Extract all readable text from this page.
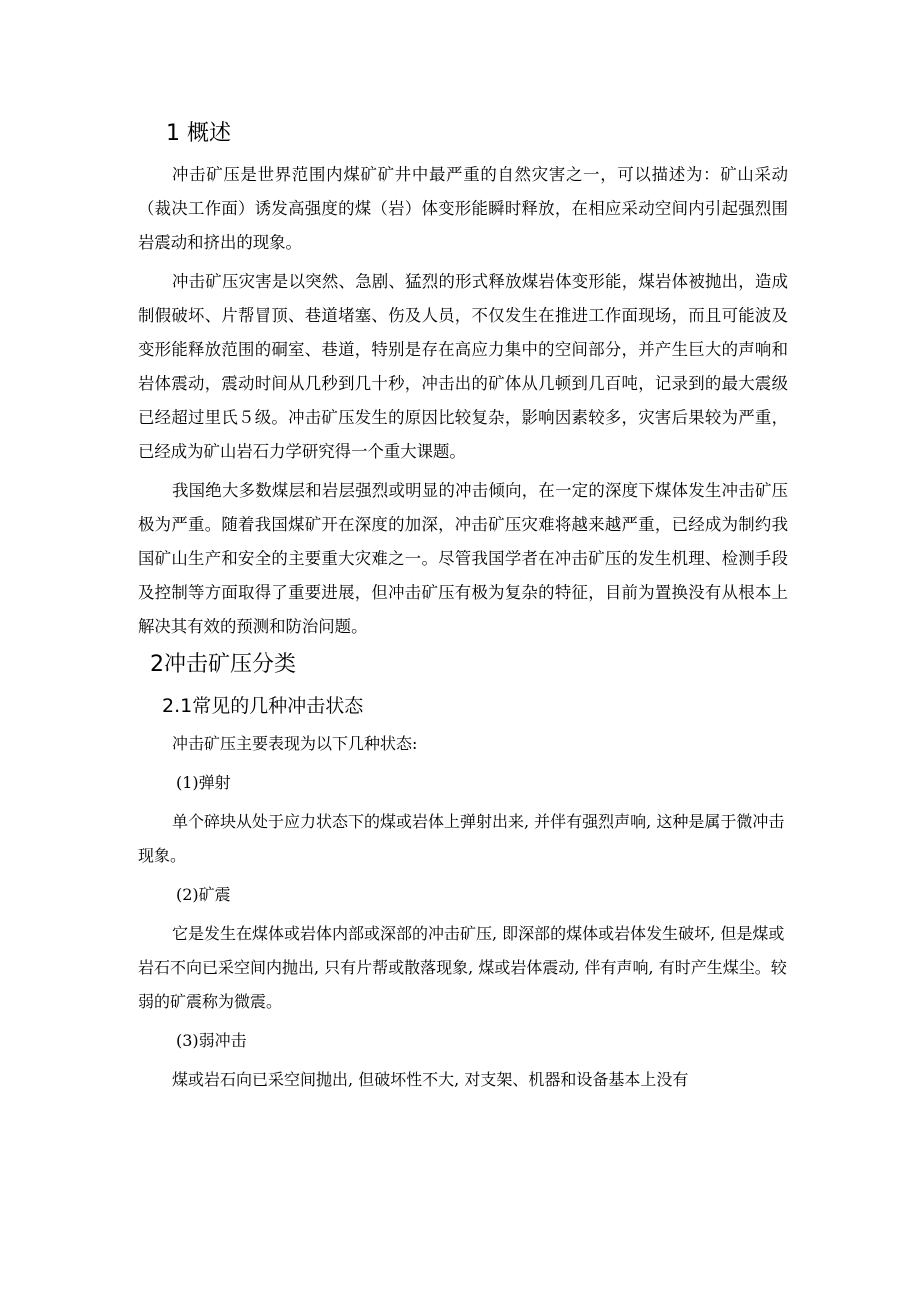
1 概述

冲击矿压是世界范围内煤矿矿井中最严重的自然灾害之一，可以描述为：矿山采动（裁决工作面）诱发高强度的煤（岩）体变形能瞬时释放，在相应采动空间内引起强烈围岩震动和挤出的现象。

冲击矿压灾害是以突然、急剧、猛烈的形式释放煤岩体变形能，煤岩体被抛出，造成制假破坏、片帮冒顶、巷道堵塞、伤及人员，不仅发生在推进工作面现场，而且可能波及变形能释放范围的硐室、巷道，特别是存在高应力集中的空间部分，并产生巨大的声响和岩体震动，震动时间从几秒到几十秒，冲击出的矿体从几顿到几百吨，记录到的最大震级已经超过里氏５级。冲击矿压发生的原因比较复杂，影响因素较多，灾害后果较为严重，已经成为矿山岩石力学研究得一个重大课题。

我国绝大多数煤层和岩层强烈或明显的冲击倾向，在一定的深度下煤体发生冲击矿压极为严重。随着我国煤矿开在深度的加深，冲击矿压灾难将越来越严重，已经成为制约我国矿山生产和安全的主要重大灾难之一。尽管我国学者在冲击矿压的发生机理、检测手段及控制等方面取得了重要进展，但冲击矿压有极为复杂的特征，目前为置换没有从根本上解决其有效的预测和防治问题。

2冲击矿压分类
2.1常见的几种冲击状态

冲击矿压主要表现为以下几种状态:

(1)弹射

单个碎块从处于应力状态下的煤或岩体上弹射出来, 并伴有强烈声响, 这种是属于微冲击现象。

(2)矿震

它是发生在煤体或岩体内部或深部的冲击矿压, 即深部的煤体或岩体发生破坏, 但是煤或岩石不向已采空间内抛出, 只有片帮或散落现象, 煤或岩体震动, 伴有声响, 有时产生煤尘。较弱的矿震称为微震。

(3)弱冲击

煤或岩石向已采空间抛出, 但破坏性不大, 对支架、机器和设备基本上没有
